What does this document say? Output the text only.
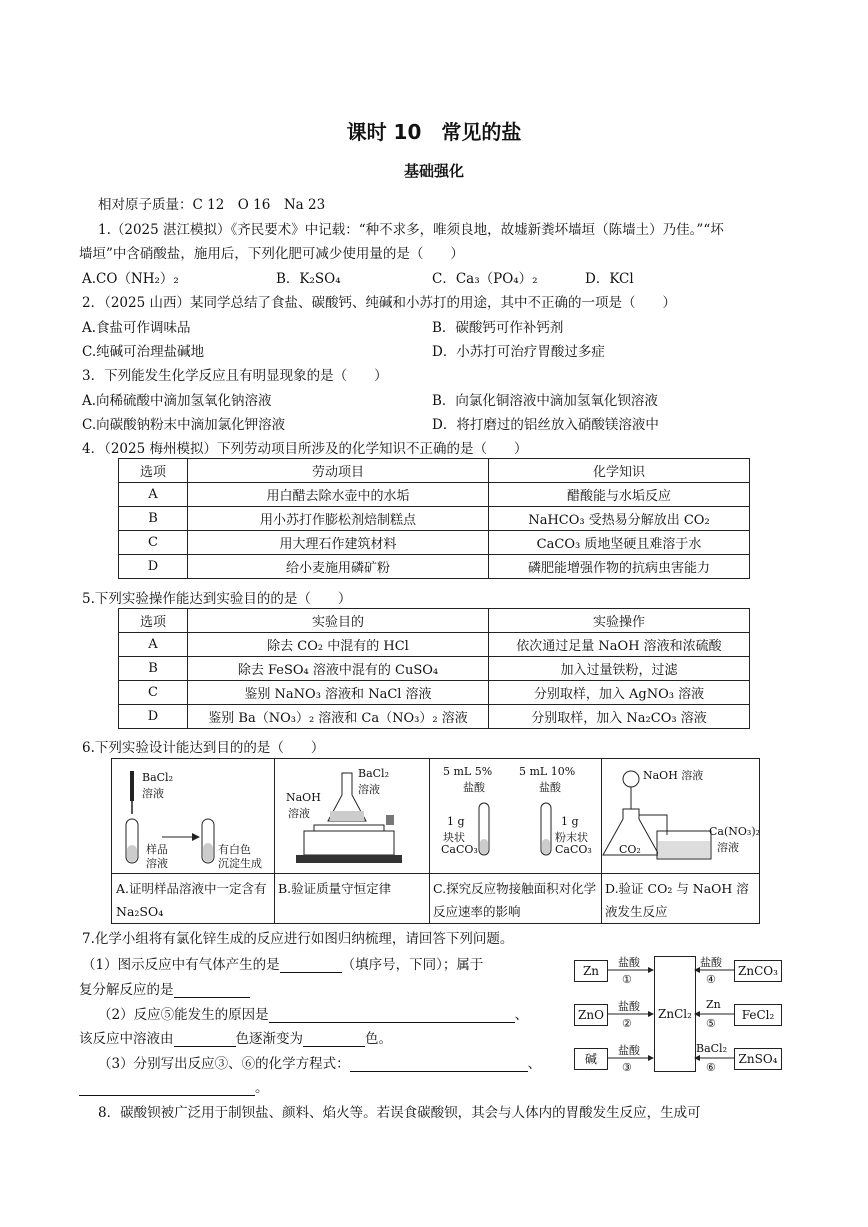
课时 10　常见的盐
基础强化
相对原子质量：C 12　O 16　Na 23
1.（2025 湛江模拟）《齐民要术》中记载：“种不求多，唯须良地，故墟新粪坏墙垣（陈墙土）乃佳。”“坏
墙垣”中含硝酸盐，施用后，下列化肥可减少使用量的是（　　）
A.CO（NH₂）₂	B．K₂SO₄	C．Ca₃（PO₄）₂	D．KCl
2．（2025 山西）某同学总结了食盐、碳酸钙、纯碱和小苏打的用途，其中不正确的一项是（　　）
A.食盐可作调味品	B．碳酸钙可作补钙剂
C.纯碱可治理盐碱地	D．小苏打可治疗胃酸过多症
3．下列能发生化学反应且有明显现象的是（　　）
A.向稀硫酸中滴加氢氧化钠溶液	B．向氯化铜溶液中滴加氢氧化钡溶液
C.向碳酸钠粉末中滴加氯化钾溶液	D．将打磨过的铝丝放入硝酸镁溶液中
4．（2025 梅州模拟）下列劳动项目所涉及的化学知识不正确的是（　　）
选项	劳动项目	化学知识
A	用白醋去除水壶中的水垢	醋酸能与水垢反应
B	用小苏打作膨松剂焙制糕点	NaHCO₃ 受热易分解放出 CO₂
C	用大理石作建筑材料	CaCO₃ 质地坚硬且难溶于水
D	给小麦施用磷矿粉	磷肥能增强作物的抗病虫害能力
5.下列实验操作能达到实验目的的是（　　）
选项	实验目的	实验操作
A	除去 CO₂ 中混有的 HCl	依次通过足量 NaOH 溶液和浓硫酸
B	除去 FeSO₄ 溶液中混有的 CuSO₄	加入过量铁粉，过滤
C	鉴别 NaNO₃ 溶液和 NaCl 溶液	分别取样，加入 AgNO₃ 溶液
D	鉴别 Ba（NO₃）₂ 溶液和 Ca（NO₃）₂ 溶液	分别取样，加入 Na₂CO₃ 溶液
6.下列实验设计能达到目的的是（　　）
BaCl₂
溶液
样品
溶液
有白色
沉淀生成
A.证明样品溶液中一定含有 Na₂SO₄
BaCl₂
溶液
NaOH
溶液
B.验证质量守恒定律
5 mL 5% 5 mL 10%
盐酸	盐酸
1 g
块状
CaCO₃
1 g
粉末状
CaCO₃
C.探究反应物接触面积对化学反应速率的影响
NaOH 溶液
CO₂
Ca(NO₃)₂
溶液
D.验证 CO₂ 与 NaOH 溶液发生反应
7.化学小组将有氯化锌生成的反应进行如图归纳梳理，请回答下列问题。
（1）图示反应中有气体产生的是	（填序号，下同）；属于
复分解反应的是
（2）反应⑤能发生的原因是	、
该反应中溶液由	色逐渐变为	色。
（3）分别写出反应③、⑥的化学方程式：	、
。
ZnCl₂
Zn
ZnO
碱
ZnCO₃
FeCl₂
ZnSO₄
盐酸
①
盐酸
②
盐酸
③
盐酸
④
Zn
⑤
BaCl₂
⑥
8．碳酸钡被广泛用于制钡盐、颜料、焰火等。若误食碳酸钡，其会与人体内的胃酸发生反应，生成可
